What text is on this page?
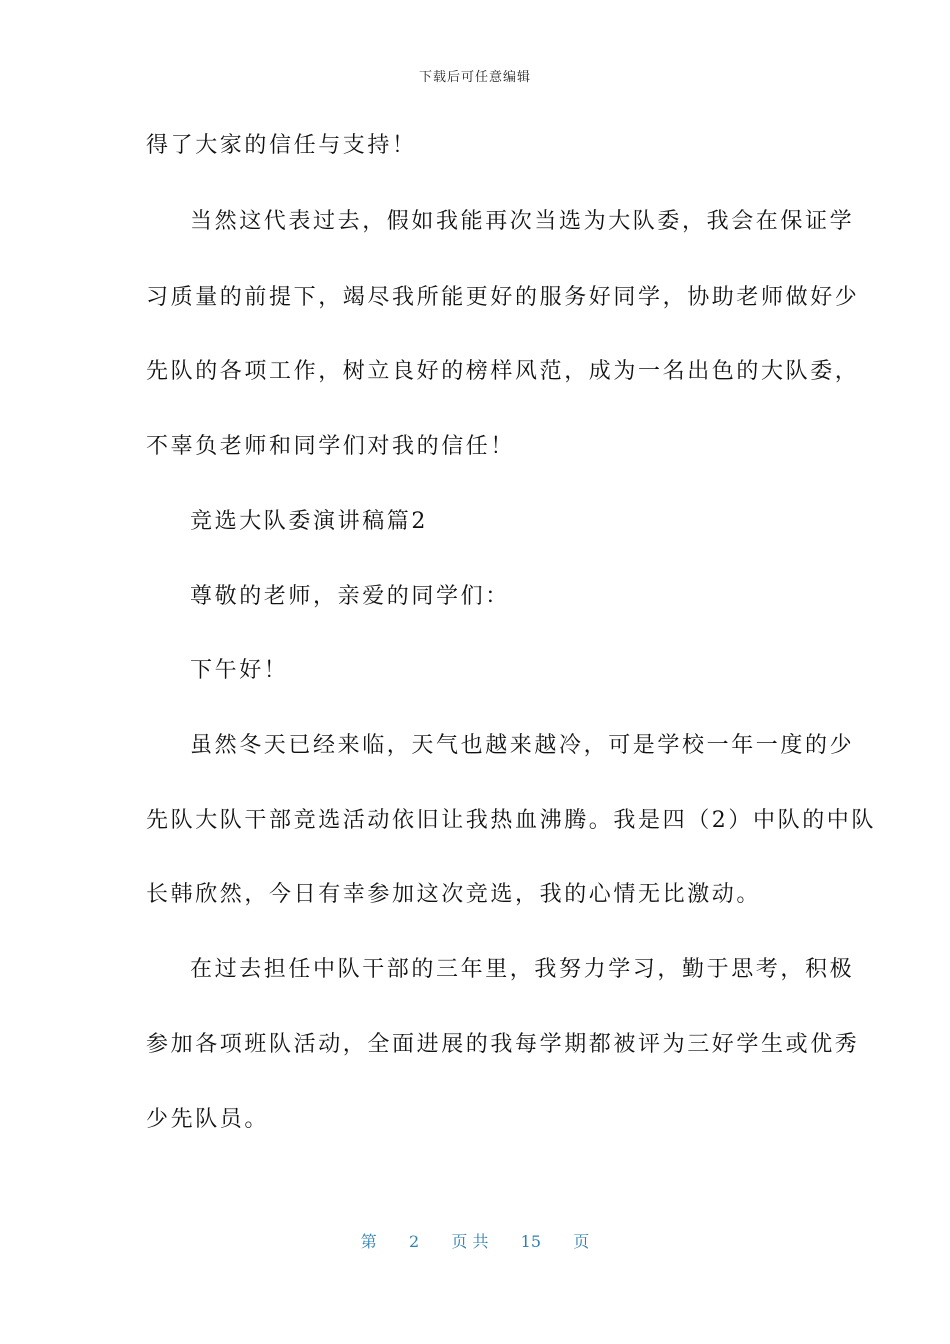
下载后可任意编辑
得了大家的信任与支持！
当然这代表过去，假如我能再次当选为大队委，我会在保证学
习质量的前提下，竭尽我所能更好的服务好同学，协助老师做好少
先队的各项工作，树立良好的榜样风范，成为一名出色的大队委，
不辜负老师和同学们对我的信任！
竞选大队委演讲稿篇2
尊敬的老师，亲爱的同学们：
下午好！
虽然冬天已经来临，天气也越来越冷，可是学校一年一度的少
先队大队干部竞选活动依旧让我热血沸腾。我是四（2）中队的中队
长韩欣然，今日有幸参加这次竞选，我的心情无比激动。
在过去担任中队干部的三年里，我努力学习，勤于思考，积极
参加各项班队活动，全面进展的我每学期都被评为三好学生或优秀
少先队员。
第 2 页 共 15 页
